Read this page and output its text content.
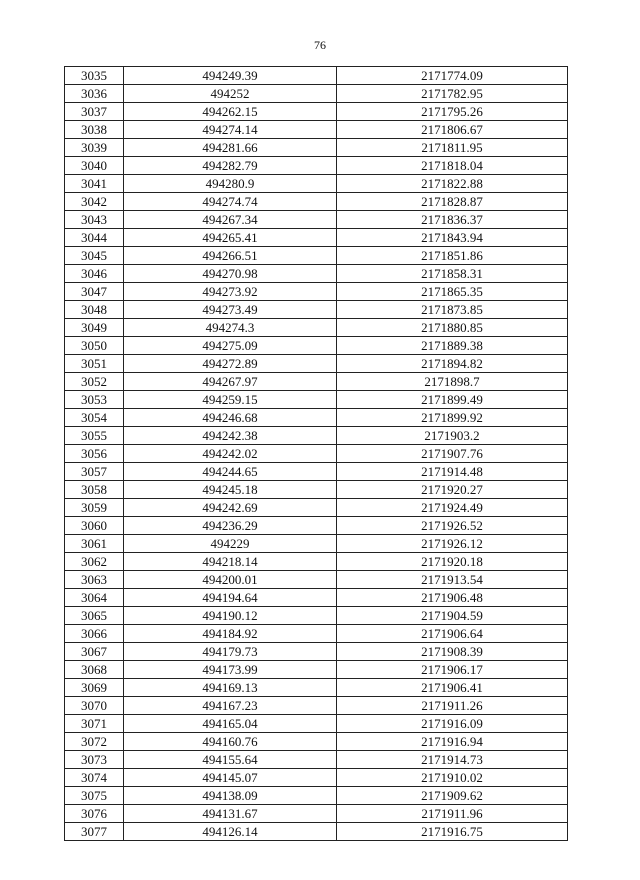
76
3035	494249.39	2171774.09
3036	494252	2171782.95
3037	494262.15	2171795.26
3038	494274.14	2171806.67
3039	494281.66	2171811.95
3040	494282.79	2171818.04
3041	494280.9	2171822.88
3042	494274.74	2171828.87
3043	494267.34	2171836.37
3044	494265.41	2171843.94
3045	494266.51	2171851.86
3046	494270.98	2171858.31
3047	494273.92	2171865.35
3048	494273.49	2171873.85
3049	494274.3	2171880.85
3050	494275.09	2171889.38
3051	494272.89	2171894.82
3052	494267.97	2171898.7
3053	494259.15	2171899.49
3054	494246.68	2171899.92
3055	494242.38	2171903.2
3056	494242.02	2171907.76
3057	494244.65	2171914.48
3058	494245.18	2171920.27
3059	494242.69	2171924.49
3060	494236.29	2171926.52
3061	494229	2171926.12
3062	494218.14	2171920.18
3063	494200.01	2171913.54
3064	494194.64	2171906.48
3065	494190.12	2171904.59
3066	494184.92	2171906.64
3067	494179.73	2171908.39
3068	494173.99	2171906.17
3069	494169.13	2171906.41
3070	494167.23	2171911.26
3071	494165.04	2171916.09
3072	494160.76	2171916.94
3073	494155.64	2171914.73
3074	494145.07	2171910.02
3075	494138.09	2171909.62
3076	494131.67	2171911.96
3077	494126.14	2171916.75
